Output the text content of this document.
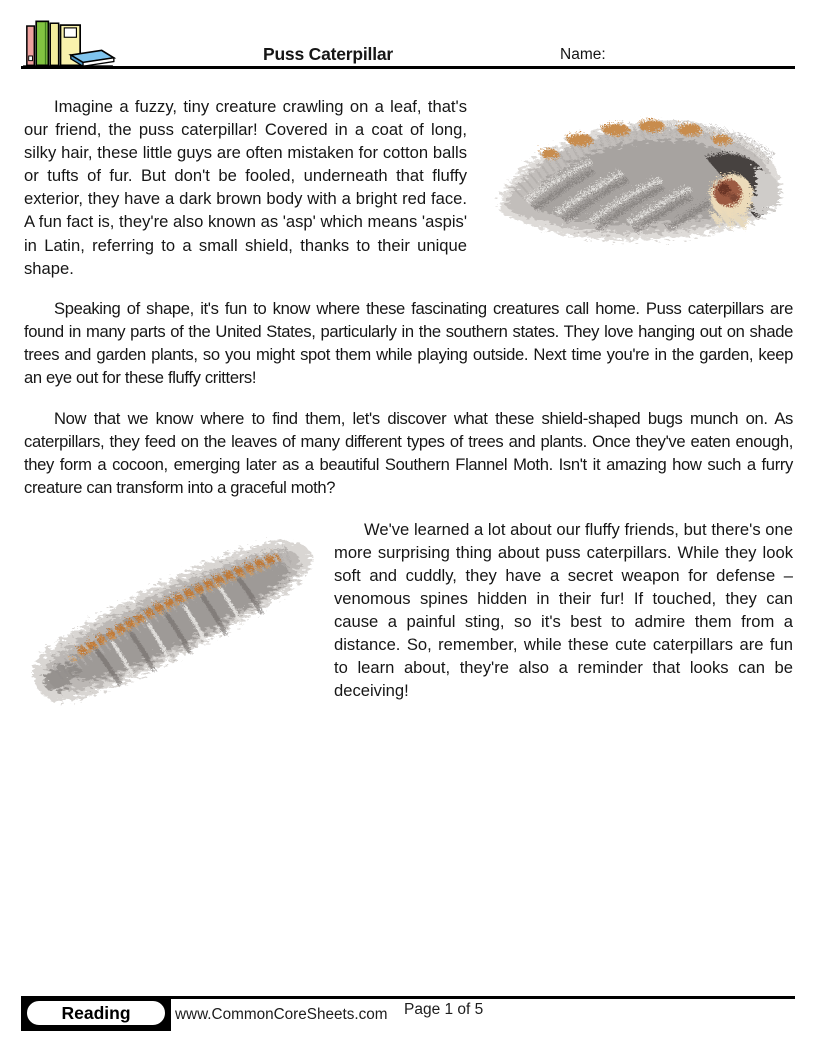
Puss Caterpillar	Name:

Imagine a fuzzy, tiny creature crawling on a leaf, that's our friend, the puss caterpillar! Covered in a coat of long, silky hair, these little guys are often mistaken for cotton balls or tufts of fur. But don't be fooled, underneath that fluffy exterior, they have a dark brown body with a bright red face. A fun fact is, they're also known as 'asp' which means 'aspis' in Latin, referring to a small shield, thanks to their unique shape.

Speaking of shape, it's fun to know where these fascinating creatures call home. Puss caterpillars are found in many parts of the United States, particularly in the southern states. They love hanging out on shade trees and garden plants, so you might spot them while playing outside. Next time you're in the garden, keep an eye out for these fluffy critters!

Now that we know where to find them, let's discover what these shield-shaped bugs munch on. As caterpillars, they feed on the leaves of many different types of trees and plants. Once they've eaten enough, they form a cocoon, emerging later as a beautiful Southern Flannel Moth. Isn't it amazing how such a furry creature can transform into a graceful moth?

We've learned a lot about our fluffy friends, but there's one more surprising thing about puss caterpillars. While they look soft and cuddly, they have a secret weapon for defense – venomous spines hidden in their fur! If touched, they can cause a painful sting, so it's best to admire them from a distance. So, remember, while these cute caterpillars are fun to learn about, they're also a reminder that looks can be deceiving!

Reading	www.CommonCoreSheets.com Page 1 of 5
